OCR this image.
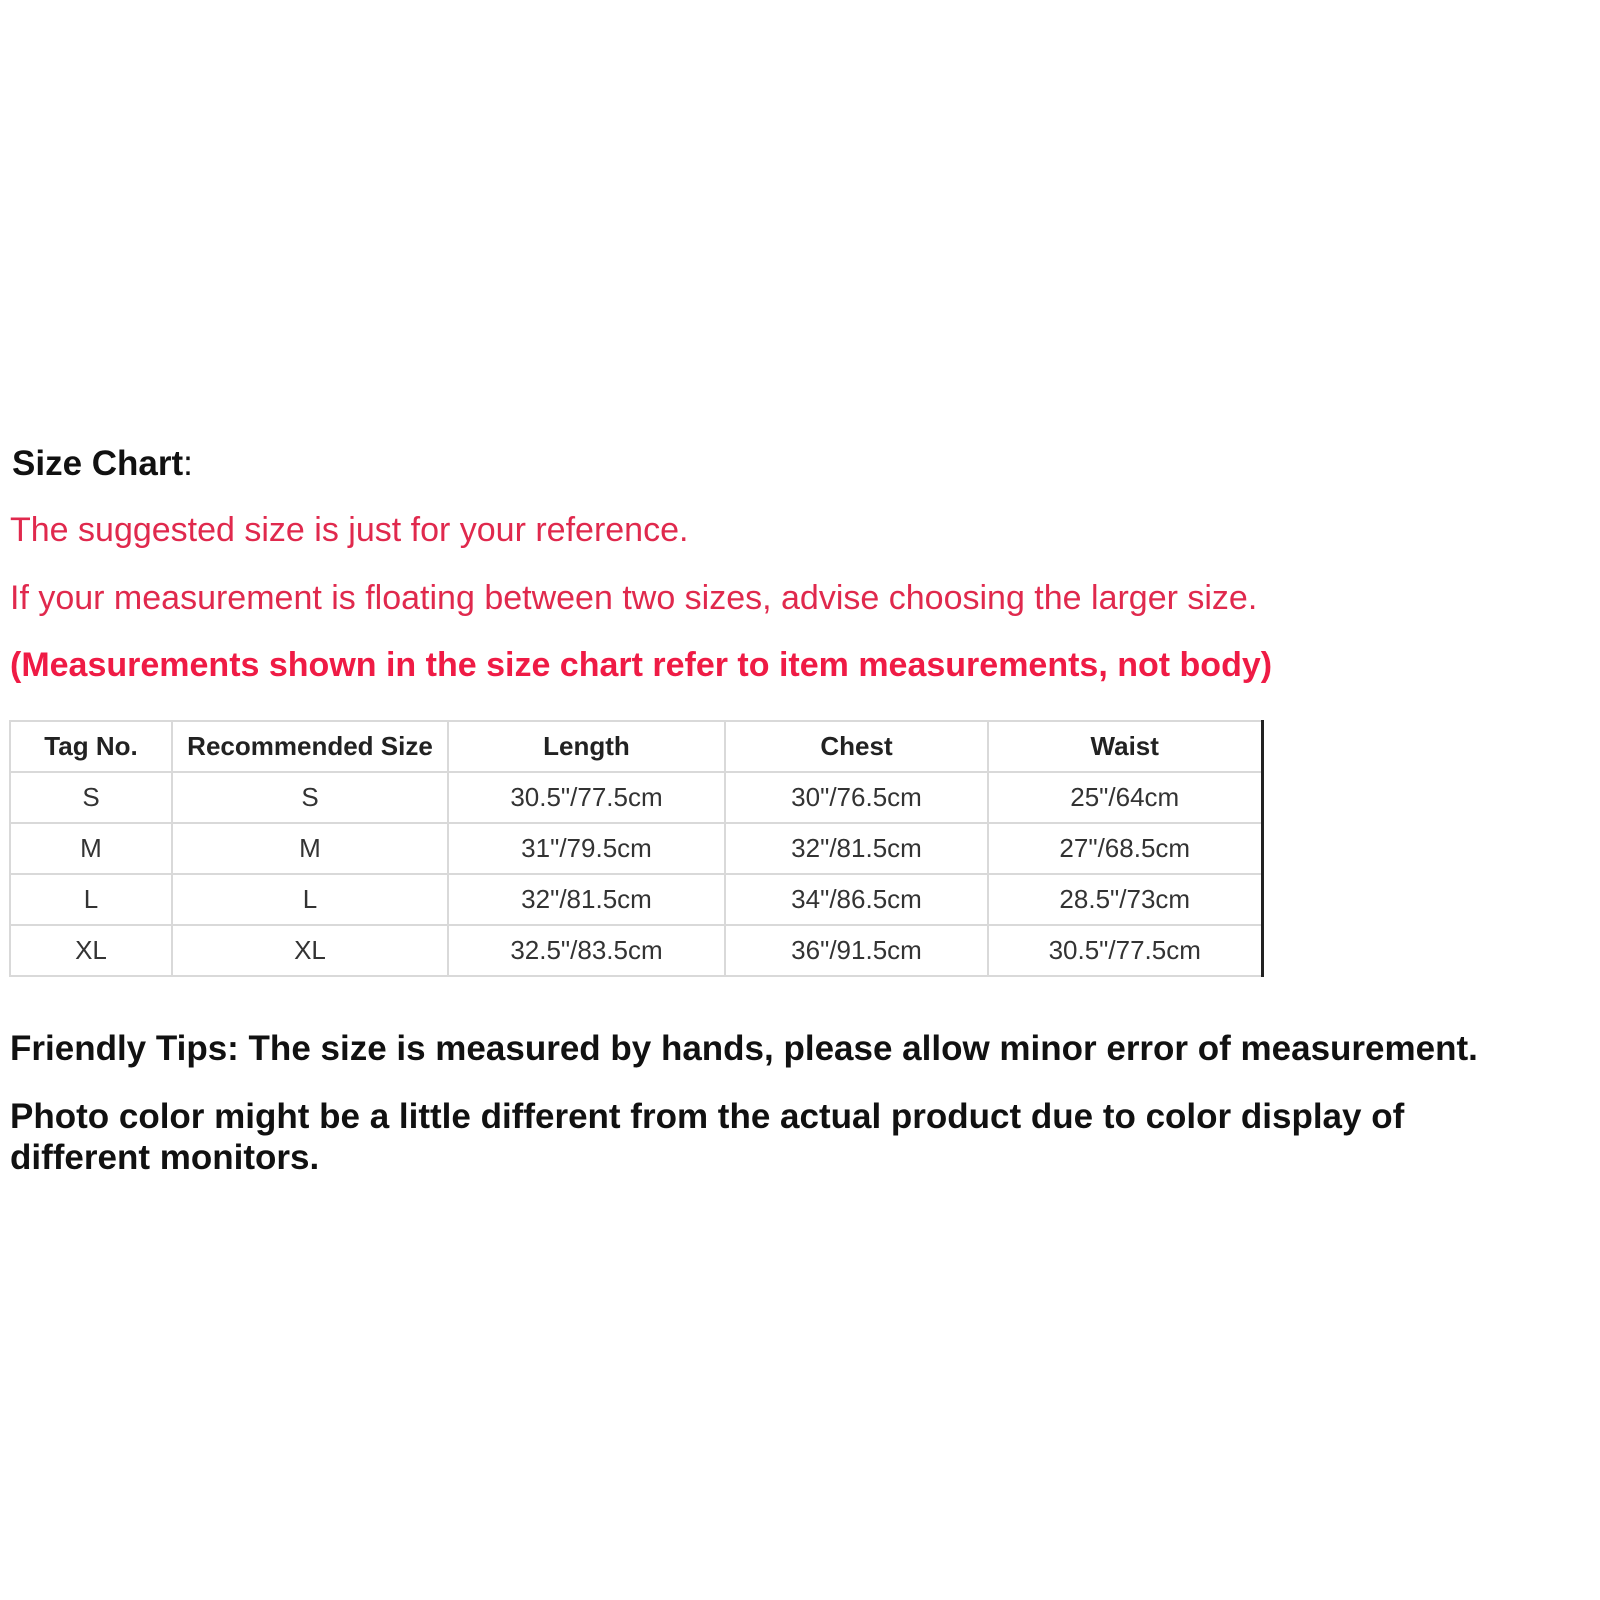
Size Chart:
The suggested size is just for your reference.
If your measurement is floating between two sizes, advise choosing the larger size.
(Measurements shown in the size chart refer to item measurements, not body)
Tag No.	Recommended Size	Length	Chest	Waist
S	S	30.5"/77.5cm	30"/76.5cm	25"/64cm
M	M	31"/79.5cm	32"/81.5cm	27"/68.5cm
L	L	32"/81.5cm	34"/86.5cm	28.5"/73cm
XL	XL	32.5"/83.5cm	36"/91.5cm	30.5"/77.5cm
Friendly Tips: The size is measured by hands, please allow minor error of measurement.
Photo color might be a little different from the actual product due to color display of different monitors.
